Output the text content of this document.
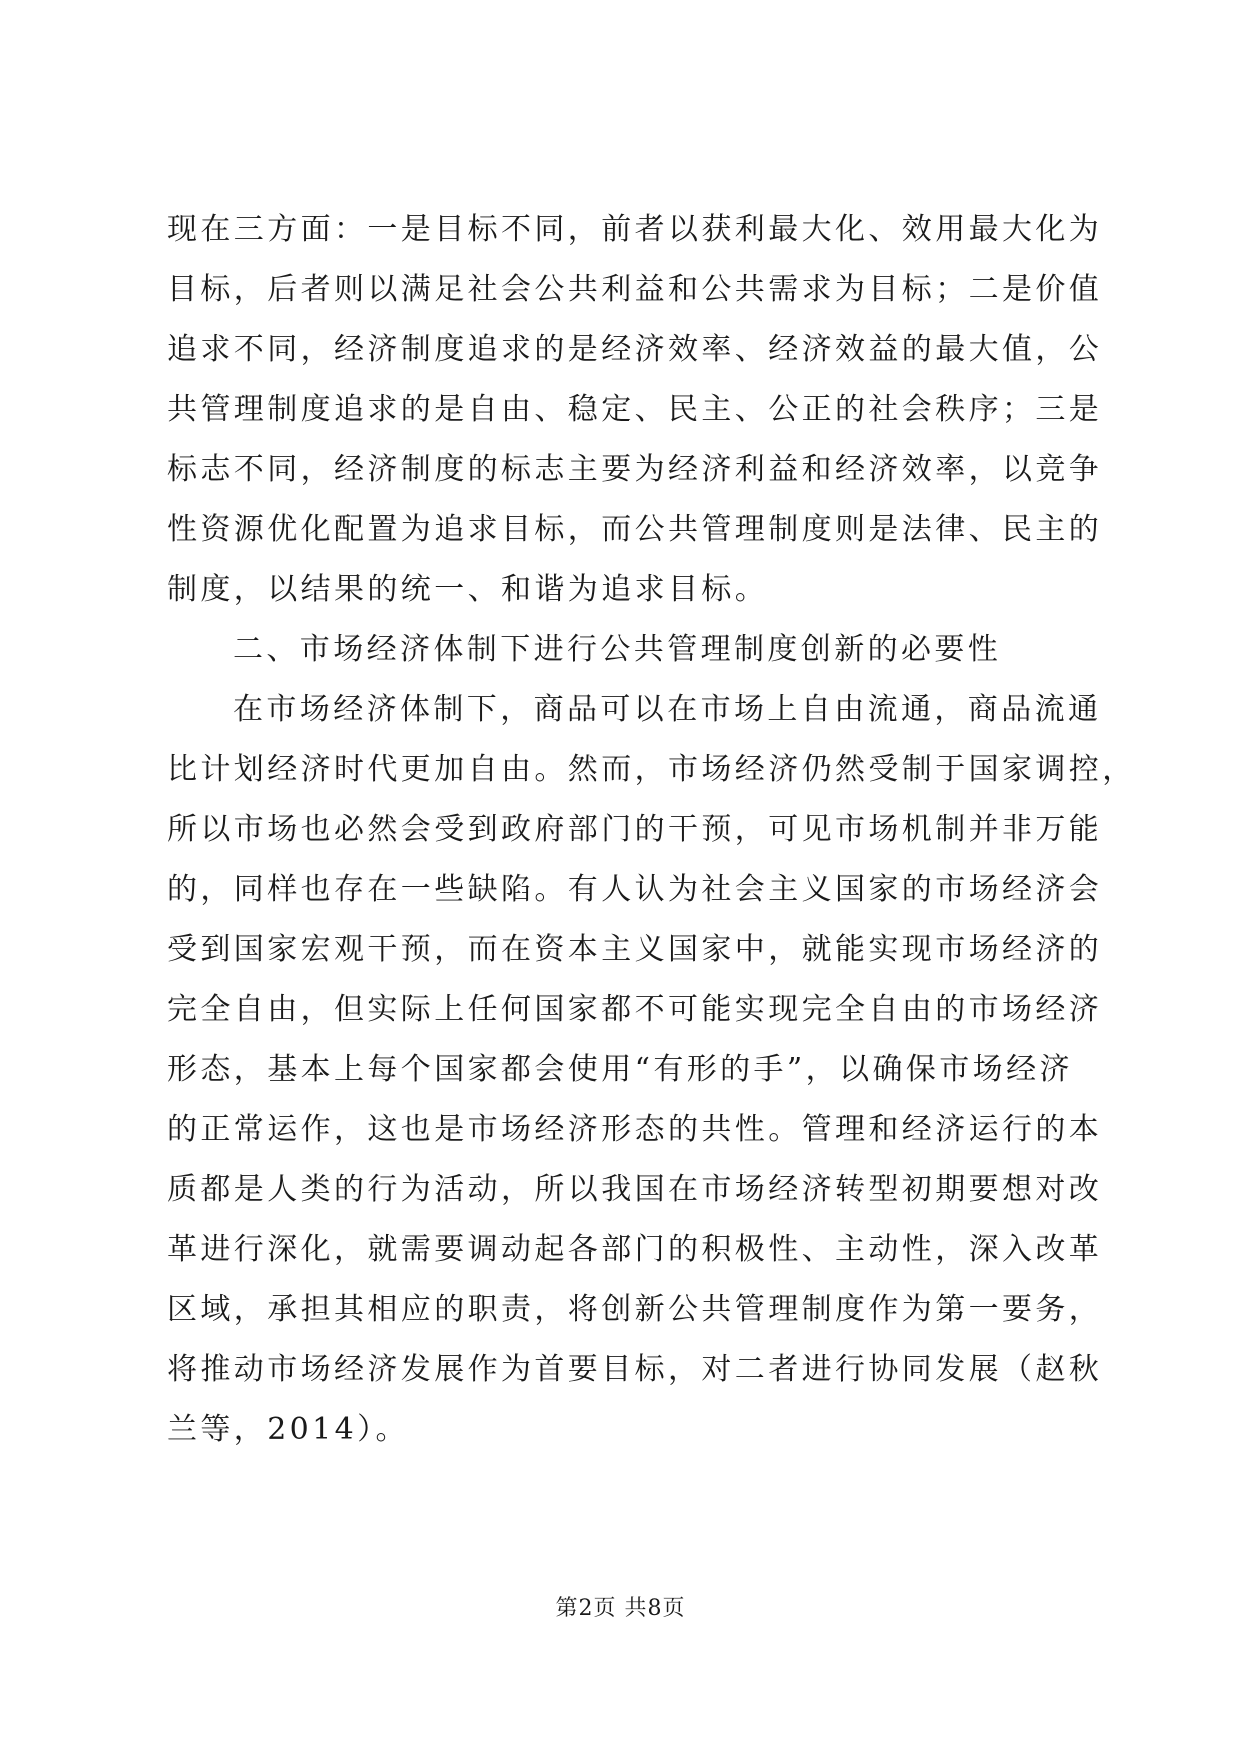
现在三方面：一是目标不同，前者以获利最大化、效用最大化为
目标，后者则以满足社会公共利益和公共需求为目标；二是价值
追求不同，经济制度追求的是经济效率、经济效益的最大值，公
共管理制度追求的是自由、稳定、民主、公正的社会秩序；三是
标志不同，经济制度的标志主要为经济利益和经济效率，以竞争
性资源优化配置为追求目标，而公共管理制度则是法律、民主的
制度，以结果的统一、和谐为追求目标。
二、市场经济体制下进行公共管理制度创新的必要性
在市场经济体制下，商品可以在市场上自由流通，商品流通
比计划经济时代更加自由。然而，市场经济仍然受制于国家调控，
所以市场也必然会受到政府部门的干预，可见市场机制并非万能
的，同样也存在一些缺陷。有人认为社会主义国家的市场经济会
受到国家宏观干预，而在资本主义国家中，就能实现市场经济的
完全自由，但实际上任何国家都不可能实现完全自由的市场经济
形态，基本上每个国家都会使用“有形的手”，以确保市场经济
的正常运作，这也是市场经济形态的共性。管理和经济运行的本
质都是人类的行为活动，所以我国在市场经济转型初期要想对改
革进行深化，就需要调动起各部门的积极性、主动性，深入改革
区域，承担其相应的职责，将创新公共管理制度作为第一要务，
将推动市场经济发展作为首要目标，对二者进行协同发展（赵秋
兰等，2014）。
第2页 共8页
